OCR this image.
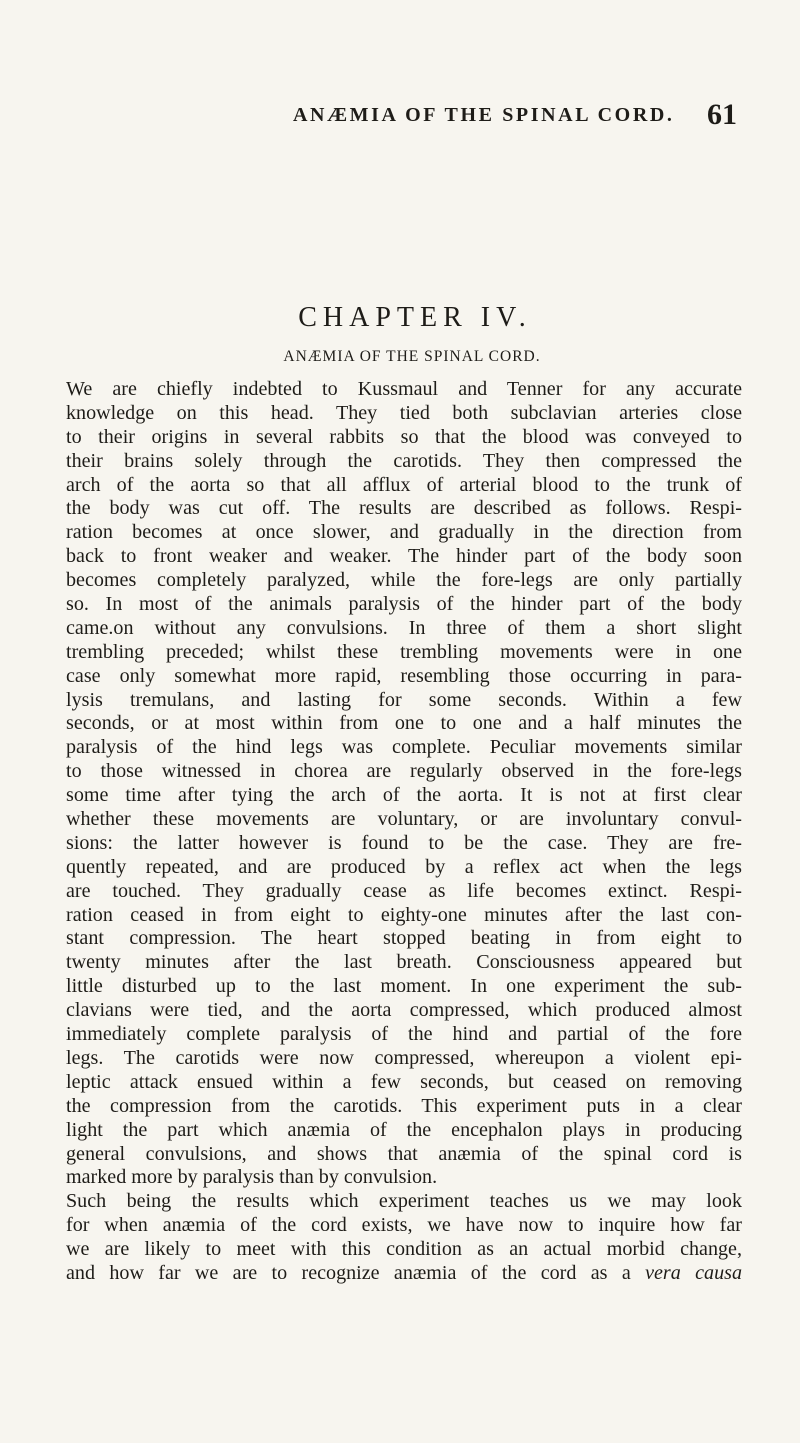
ANÆMIA OF THE SPINAL CORD. 61
CHAPTER IV.
ANÆMIA OF THE SPINAL CORD.
We are chiefly indebted to Kussmaul and Tenner for any accurate
knowledge on this head. They tied both subclavian arteries close
to their origins in several rabbits so that the blood was conveyed to
their brains solely through the carotids. They then compressed the
arch of the aorta so that all afflux of arterial blood to the trunk of
the body was cut off. The results are described as follows. Respi-
ration becomes at once slower, and gradually in the direction from
back to front weaker and weaker. The hinder part of the body soon
becomes completely paralyzed, while the fore-legs are only partially
so. In most of the animals paralysis of the hinder part of the body
came.on without any convulsions. In three of them a short slight
trembling preceded; whilst these trembling movements were in one
case only somewhat more rapid, resembling those occurring in para-
lysis tremulans, and lasting for some seconds. Within a few
seconds, or at most within from one to one and a half minutes the
paralysis of the hind legs was complete. Peculiar movements similar
to those witnessed in chorea are regularly observed in the fore-legs
some time after tying the arch of the aorta. It is not at first clear
whether these movements are voluntary, or are involuntary convul-
sions: the latter however is found to be the case. They are fre-
quently repeated, and are produced by a reflex act when the legs
are touched. They gradually cease as life becomes extinct. Respi-
ration ceased in from eight to eighty-one minutes after the last con-
stant compression. The heart stopped beating in from eight to
twenty minutes after the last breath. Consciousness appeared but
little disturbed up to the last moment. In one experiment the sub-
clavians were tied, and the aorta compressed, which produced almost
immediately complete paralysis of the hind and partial of the fore
legs. The carotids were now compressed, whereupon a violent epi-
leptic attack ensued within a few seconds, but ceased on removing
the compression from the carotids. This experiment puts in a clear
light the part which anæmia of the encephalon plays in producing
general convulsions, and shows that anæmia of the spinal cord is
marked more by paralysis than by convulsion.
Such being the results which experiment teaches us we may look
for when anæmia of the cord exists, we have now to inquire how far
we are likely to meet with this condition as an actual morbid change,
and how far we are to recognize anæmia of the cord as a vera causa
